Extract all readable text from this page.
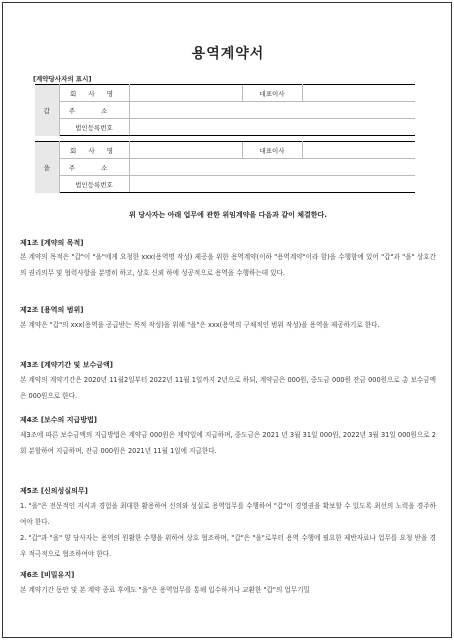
용역계약서
[계약당사자의 표시]
갑	회 사 명		대표이사	
	주 소			
	법인등록번호			
을	회 사 명		대표이사	
	주 소			
	법인등록번호			
위 당사자는 아래 업무에 관한 위임계약을 다음과 같이 체결한다.
제1조 [계약의 목적]
본 계약의 목적은 "갑"이 "을"에게 요청한 xxx(용역명 작성) 제공을 위한 용역계약(이하 "용역계약"이라 함)을 수행함에 있어 "갑"과 "을" 상호간의 권리의무 및 협력사항을 분명히 하고, 상호 신뢰 하에 성공적으로 용역을 수행하는데 있다.
제2조 [용역의 범위]
본 계약은 "갑"의 xxx(용역을 공급받는 목적 작성)을 위해 "을"은 xxx(용역의 구체적인 범위 작성)을 용역을 제공하기로 한다.
제3조 [계약기간 및 보수금액]
본 계약의 계약기간은 2020년 11월2일부터 2022년 11월 1일까지 2년으로 하되, 계약금은 000원, 중도금 000원 잔금 000원으로 총 보수금액은 000원으로 한다.
제4조 [보수의 지급방법]
제3조에 따른 보수금액의 지급방법은 계약금 000원은 계약일에 지급하며, 중도금은 2021 년 3월 31일 000원, 2022년 3월 31일 000원으로 2회 분할하여 지급하며, 잔금 000원은 2021년 11월 1일에 지급한다.
제5조 [신의성실의무]
1. "을"은 전문적인 지식과 경험을 최대한 활용하여 신의와 성실로 용역업무를 수행하여 "갑"이 경영권을 확보할 수 있도록 최선의 노력을 경주하여야 한다.
2. "갑"과 "을" 양 당사자는 용역의 원활한 수행을 위하여 상호 협조하며, "갑"은 "을"로부터 용역 수행에 필요한 제반자료나 업무를 요청 받을 경우 적극적으로 협조하여야 한다.
제6조 [비밀유지]
본 계약기간 동안 및 본 계약 종료 후에도 "을"은 용역업무를 통해 입수하거나 교환한 "갑"의 업무기밀
